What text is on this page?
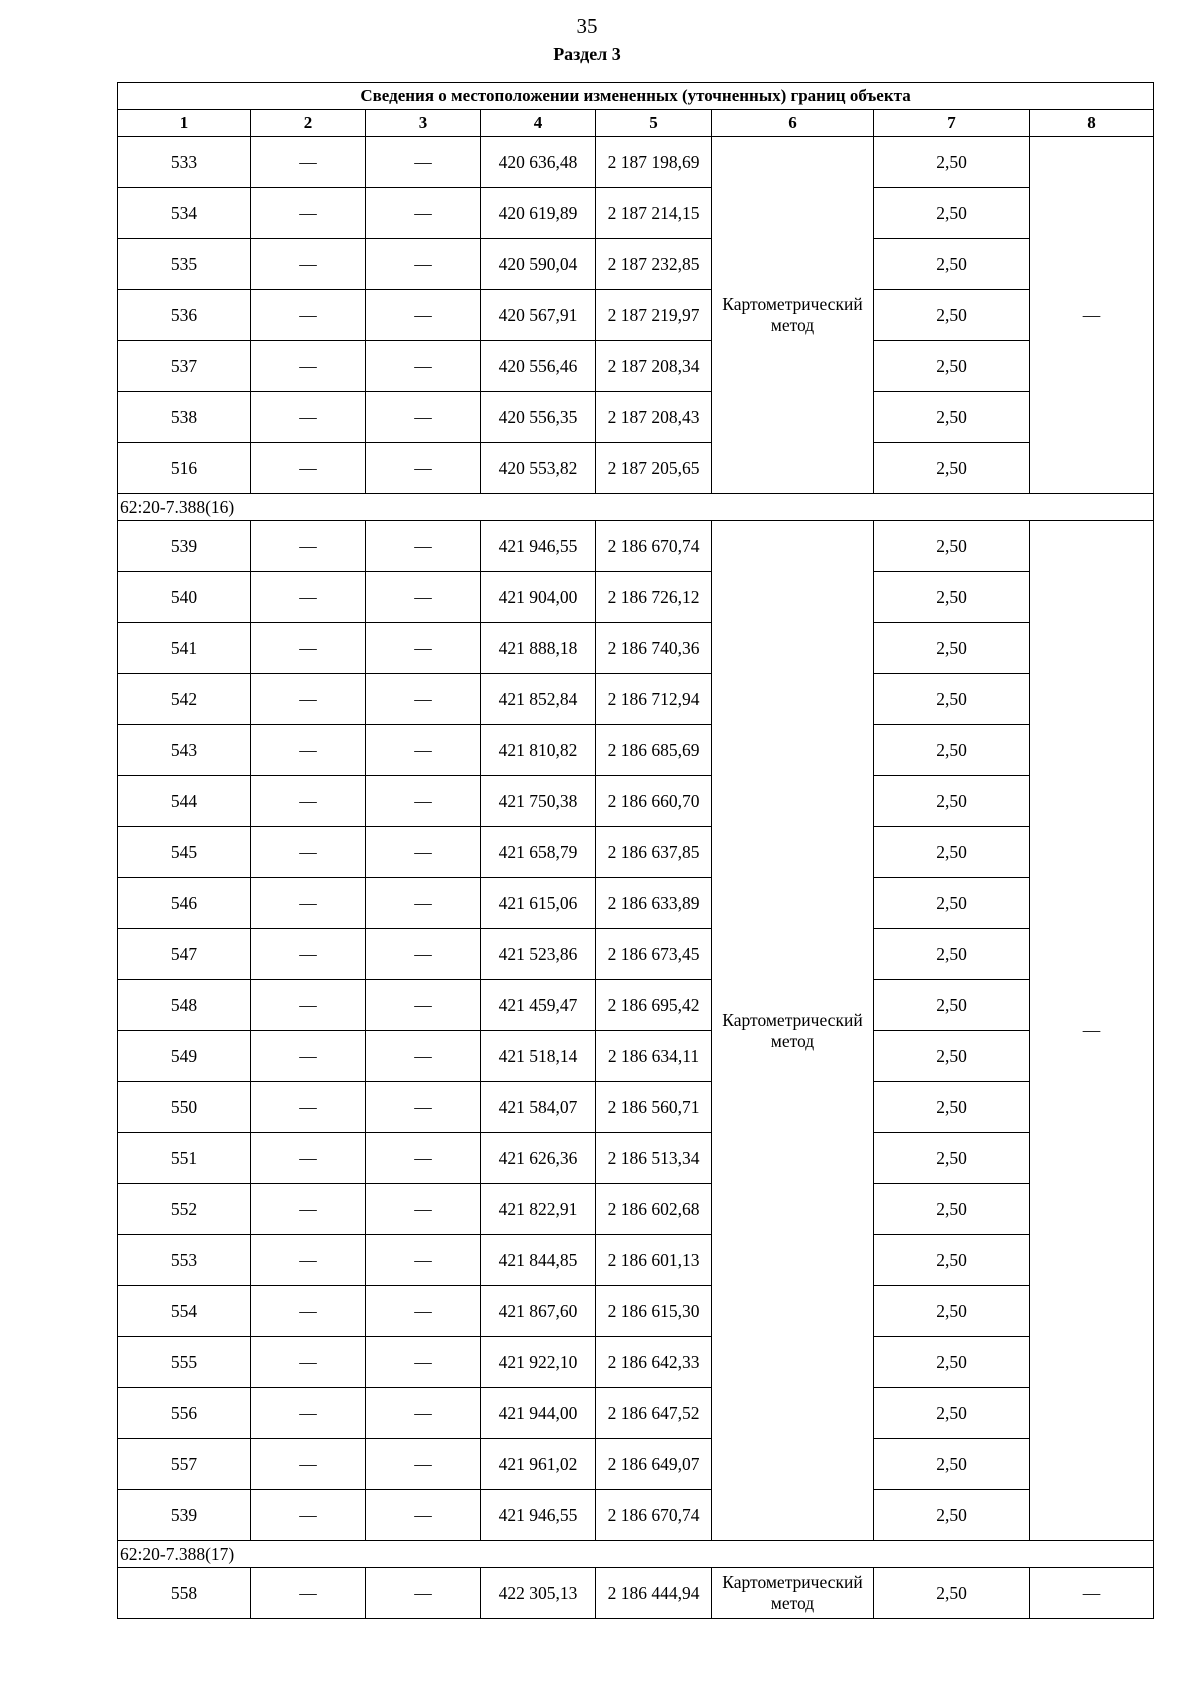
35
Раздел 3
Сведения о местоположении измененных (уточненных) границ объекта							
1	2	3	4	5	6	7	8
533	—	—	420 636,48	2 187 198,69	Картометрический метод	2,50	—
534	—	—	420 619,89	2 187 214,15		2,50	
535	—	—	420 590,04	2 187 232,85		2,50	
536	—	—	420 567,91	2 187 219,97		2,50	
537	—	—	420 556,46	2 187 208,34		2,50	
538	—	—	420 556,35	2 187 208,43		2,50	
516	—	—	420 553,82	2 187 205,65		2,50	
62:20-7.388(16)							
539	—	—	421 946,55	2 186 670,74	Картометрический метод	2,50	—
540	—	—	421 904,00	2 186 726,12		2,50	
541	—	—	421 888,18	2 186 740,36		2,50	
542	—	—	421 852,84	2 186 712,94		2,50	
543	—	—	421 810,82	2 186 685,69		2,50	
544	—	—	421 750,38	2 186 660,70		2,50	
545	—	—	421 658,79	2 186 637,85		2,50	
546	—	—	421 615,06	2 186 633,89		2,50	
547	—	—	421 523,86	2 186 673,45		2,50	
548	—	—	421 459,47	2 186 695,42		2,50	
549	—	—	421 518,14	2 186 634,11		2,50	
550	—	—	421 584,07	2 186 560,71		2,50	
551	—	—	421 626,36	2 186 513,34		2,50	
552	—	—	421 822,91	2 186 602,68		2,50	
553	—	—	421 844,85	2 186 601,13		2,50	
554	—	—	421 867,60	2 186 615,30		2,50	
555	—	—	421 922,10	2 186 642,33		2,50	
556	—	—	421 944,00	2 186 647,52		2,50	
557	—	—	421 961,02	2 186 649,07		2,50	
539	—	—	421 946,55	2 186 670,74		2,50	
62:20-7.388(17)							
558	—	—	422 305,13	2 186 444,94	Картометрический метод	2,50	—
